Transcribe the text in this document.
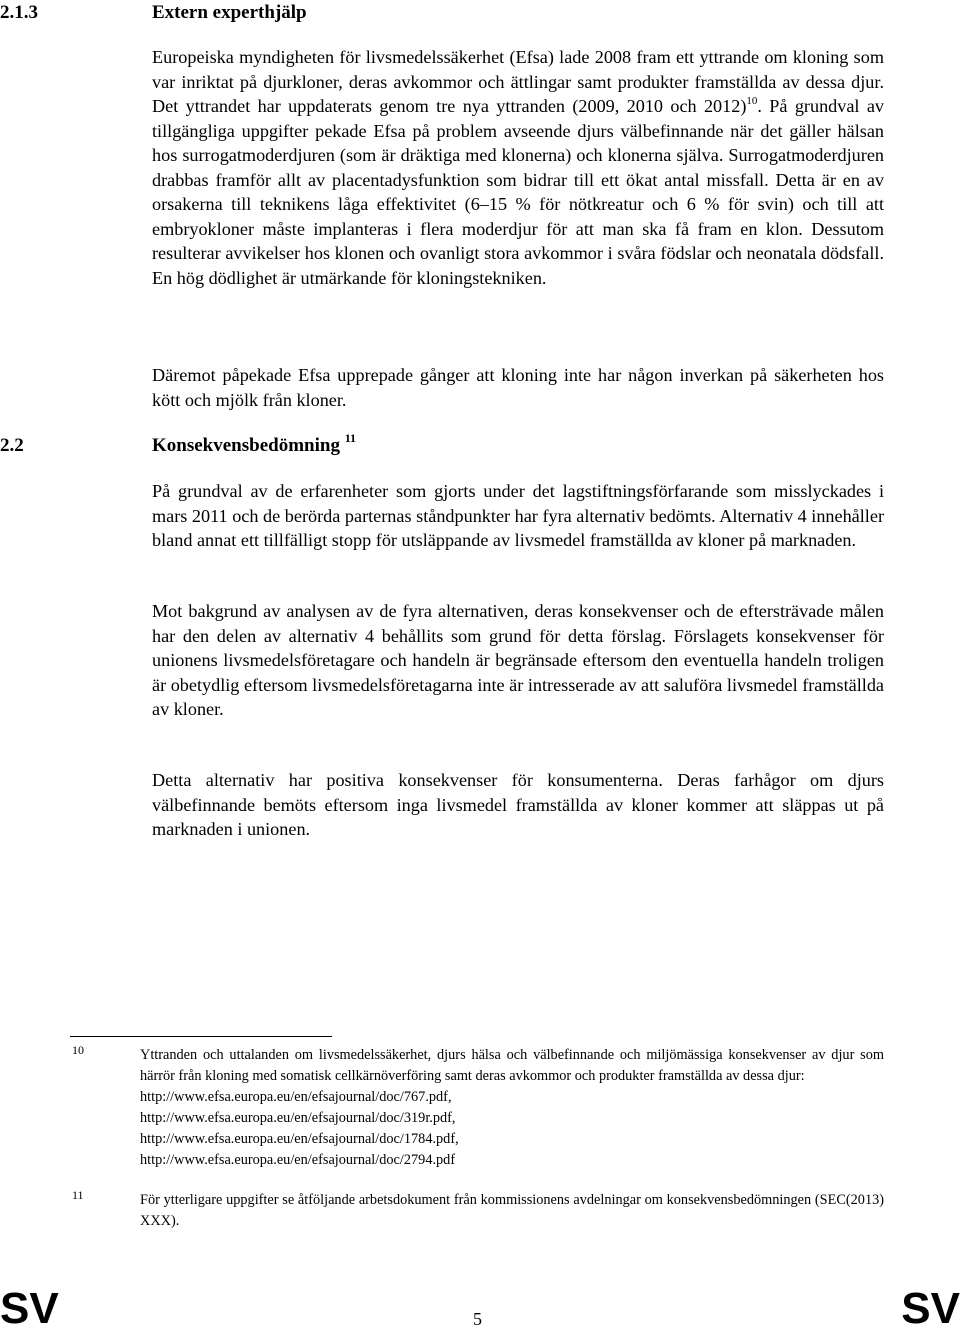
2.1.3	Extern experthjälp

Europeiska myndigheten för livsmedelssäkerhet (Efsa) lade 2008 fram ett yttrande om kloning som var inriktat på djurkloner, deras avkommor och ättlingar samt produkter framställda av dessa djur. Det yttrandet har uppdaterats genom tre nya yttranden (2009, 2010 och 2012)$^{10}$. På grundval av tillgängliga uppgifter pekade Efsa på problem avseende djurs välbefinnande när det gäller hälsan hos surrogatmoderdjuren (som är dräktiga med klonerna) och klonerna själva. Surrogatmoderdjuren drabbas framför allt av placentadysfunktion som bidrar till ett ökat antal missfall. Detta är en av orsakerna till teknikens låga effektivitet (6–15 % för nötkreatur och 6 % för svin) och till att embryokloner måste implanteras i flera moderdjur för att man ska få fram en klon. Dessutom resulterar avvikelser hos klonen och ovanligt stora avkommor i svåra födslar och neonatala dödsfall. En hög dödlighet är utmärkande för kloningstekniken.

Däremot påpekade Efsa upprepade gånger att kloning inte har någon inverkan på säkerheten hos kött och mjölk från kloner.

2.2	Konsekvensbedömning $^{11}$

På grundval av de erfarenheter som gjorts under det lagstiftningsförfarande som misslyckades i mars 2011 och de berörda parternas ståndpunkter har fyra alternativ bedömts. Alternativ 4 innehåller bland annat ett tillfälligt stopp för utsläppande av livsmedel framställda av kloner på marknaden.

Mot bakgrund av analysen av de fyra alternativen, deras konsekvenser och de eftersträvade målen har den delen av alternativ 4 behållits som grund för detta förslag. Förslagets konsekvenser för unionens livsmedelsföretagare och handeln är begränsade eftersom den eventuella handeln troligen är obetydlig eftersom livsmedelsföretagarna inte är intresserade av att saluföra livsmedel framställda av kloner.

Detta alternativ har positiva konsekvenser för konsumenterna. Deras farhågor om djurs välbefinnande bemöts eftersom inga livsmedel framställda av kloner kommer att släppas ut på marknaden i unionen.

10	Yttranden och uttalanden om livsmedelssäkerhet, djurs hälsa och välbefinnande och miljömässiga konsekvenser av djur som härrör från kloning med somatisk cellkärnöverföring samt deras avkommor och produkter framställda av dessa djur:
http://www.efsa.europa.eu/en/efsajournal/doc/767.pdf,
http://www.efsa.europa.eu/en/efsajournal/doc/319r.pdf,
http://www.efsa.europa.eu/en/efsajournal/doc/1784.pdf,
http://www.efsa.europa.eu/en/efsajournal/doc/2794.pdf
11	För ytterligare uppgifter se åtföljande arbetsdokument från kommissionens avdelningar om konsekvensbedömningen (SEC(2013) XXX).
SV	5	SV
